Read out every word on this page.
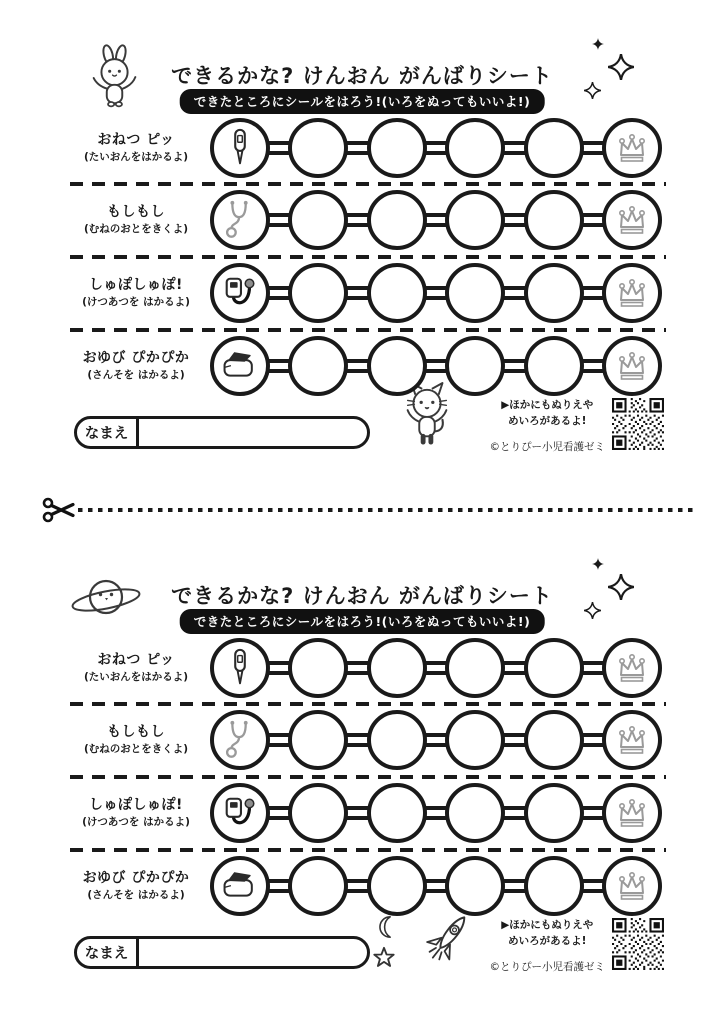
できるかな? けんおん がんばりシート
できたところにシールをはろう!(いろをぬってもいいよ!)
おねつ ピッ
(たいおんをはかるよ)
もしもし
(むねのおとをきくよ)
しゅぽしゅぽ!
(けつあつを はかるよ)
おゆび ぴかぴか
(さんそを はかるよ)
なまえ
▶ほかにもぬりえや
めいろがあるよ!
©とりぴー小児看護ゼミ
できるかな? けんおん がんばりシート
できたところにシールをはろう!(いろをぬってもいいよ!)
おねつ ピッ
(たいおんをはかるよ)
もしもし
(むねのおとをきくよ)
しゅぽしゅぽ!
(けつあつを はかるよ)
おゆび ぴかぴか
(さんそを はかるよ)
なまえ
▶ほかにもぬりえや
めいろがあるよ!
©とりぴー小児看護ゼミ
